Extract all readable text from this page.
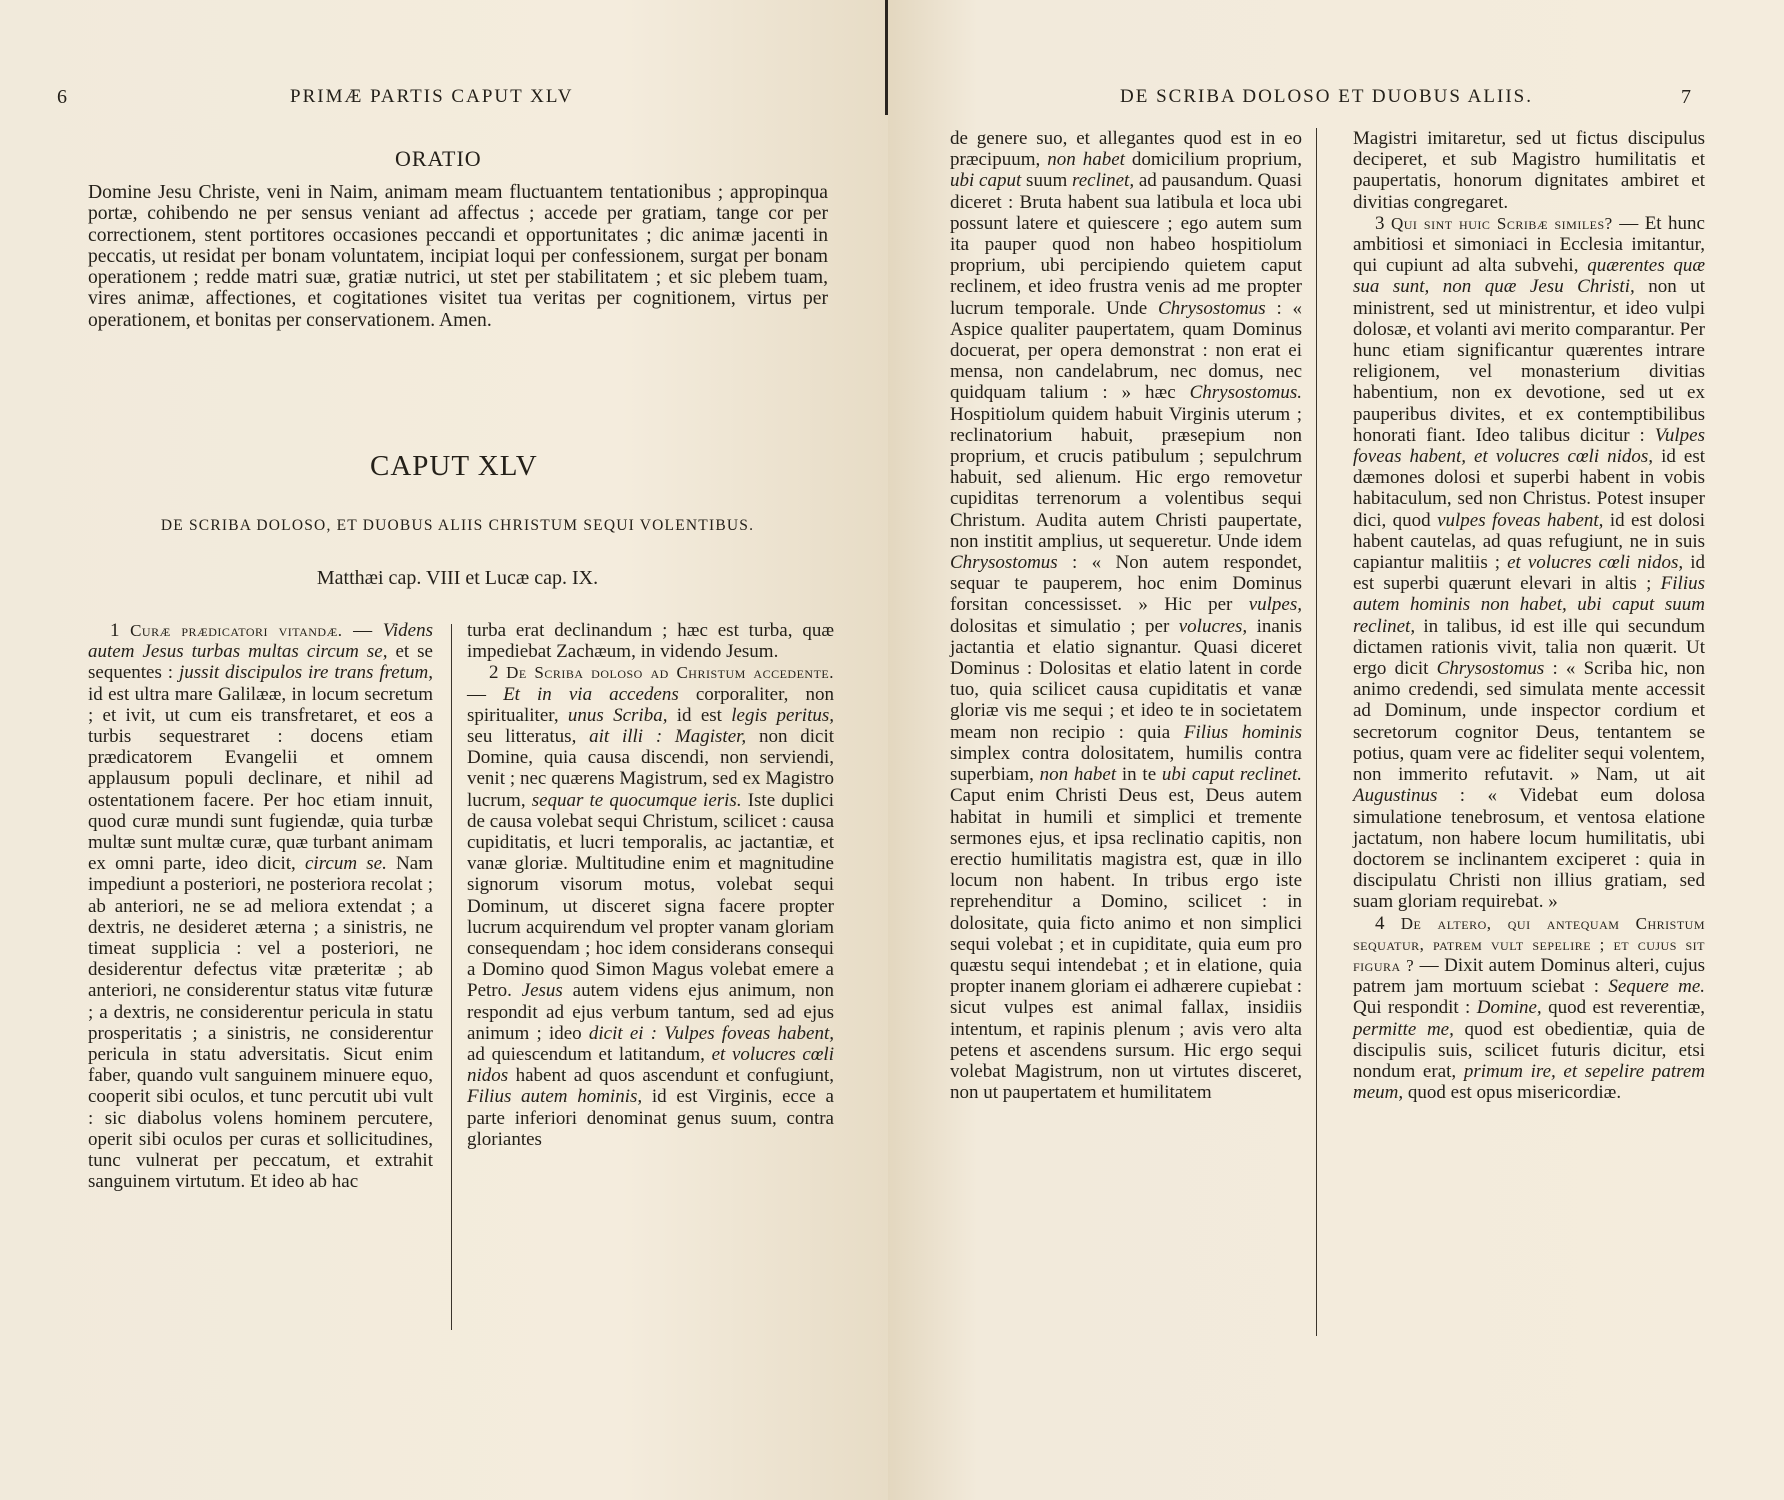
6	PRIMÆ PARTIS CAPUT XLV
ORATIO
Domine Jesu Christe, veni in Naim, animam meam fluctuantem tentationibus ; appropinqua portæ, cohibendo ne per sensus veniant ad affectus ; accede per gratiam, tange cor per correctionem, stent portitores occasiones peccandi et opportunitates ; dic animæ jacenti in peccatis, ut residat per bonam voluntatem, incipiat loqui per confessionem, surgat per bonam operationem ; redde matri suæ, gratiæ nutrici, ut stet per stabilitatem ; et sic plebem tuam, vires animæ, affectiones, et cogitationes visitet tua veritas per cognitionem, virtus per operationem, et bonitas per conservationem. Amen.
CAPUT XLV
DE SCRIBA DOLOSO, ET DUOBUS ALIIS CHRISTUM SEQUI VOLENTIBUS.
Matthæi cap. VIII et Lucæ cap. IX.

1 Curæ prædicatori vitandæ. — Videns autem Jesus turbas multas circum se, et se sequentes : jussit discipulos ire trans fretum, id est ultra mare Galilææ, in locum secretum ; et ivit, ut cum eis transfretaret, et eos a turbis sequestraret : docens etiam prædicatorem Evangelii et omnem applausum populi declinare, et nihil ad ostentationem facere. Per hoc etiam innuit, quod curæ mundi sunt fugiendæ, quia turbæ multæ sunt multæ curæ, quæ turbant animam ex omni parte, ideo dicit, circum se. Nam impediunt a posteriori, ne posteriora recolat ; ab anteriori, ne se ad meliora extendat ; a dextris, ne desideret æterna ; a sinistris, ne timeat supplicia : vel a posteriori, ne desiderentur defectus vitæ præteritæ ; ab anteriori, ne considerentur status vitæ futuræ ; a dextris, ne considerentur pericula in statu prosperitatis ; a sinistris, ne considerentur pericula in statu adversitatis. Sicut enim faber, quando vult sanguinem minuere equo, cooperit sibi oculos, et tunc percutit ubi vult : sic diabolus volens hominem percutere, operit sibi oculos per curas et sollicitudines, tunc vulnerat per peccatum, et extrahit sanguinem virtutum. Et ideo ab hac

turba erat declinandum ; hæc est turba, quæ impediebat Zachæum, in videndo Jesum.

2 De Scriba doloso ad Christum accedente. — Et in via accedens corporaliter, non spiritualiter, unus Scriba, id est legis peritus, seu litteratus, ait illi : Magister, non dicit Domine, quia causa discendi, non serviendi, venit ; nec quærens Magistrum, sed ex Magistro lucrum, sequar te quocumque ieris. Iste duplici de causa volebat sequi Christum, scilicet : causa cupiditatis, et lucri temporalis, ac jactantiæ, et vanæ gloriæ. Multitudine enim et magnitudine signorum visorum motus, volebat sequi Dominum, ut disceret signa facere propter lucrum acquirendum vel propter vanam gloriam consequendam ; hoc idem considerans consequi a Domino quod Simon Magus volebat emere a Petro. Jesus autem videns ejus animum, non respondit ad ejus verbum tantum, sed ad ejus animum ; ideo dicit ei : Vulpes foveas habent, ad quiescendum et latitandum, et volucres cœli nidos habent ad quos ascendunt et confugiunt, Filius autem hominis, id est Virginis, ecce a parte inferiori denominat genus suum, contra gloriantes

DE SCRIBA DOLOSO ET DUOBUS ALIIS.	7

de genere suo, et allegantes quod est in eo præcipuum, non habet domicilium proprium, ubi caput suum reclinet, ad pausandum. Quasi diceret : Bruta habent sua latibula et loca ubi possunt latere et quiescere ; ego autem sum ita pauper quod non habeo hospitiolum proprium, ubi percipiendo quietem caput reclinem, et ideo frustra venis ad me propter lucrum temporale. Unde Chrysostomus : « Aspice qualiter paupertatem, quam Dominus docuerat, per opera demonstrat : non erat ei mensa, non candelabrum, nec domus, nec quidquam talium : » hæc Chrysostomus. Hospitiolum quidem habuit Virginis uterum ; reclinatorium habuit, præsepium non proprium, et crucis patibulum ; sepulchrum habuit, sed alienum. Hic ergo removetur cupiditas terrenorum a volentibus sequi Christum. Audita autem Christi paupertate, non institit amplius, ut sequeretur. Unde idem Chrysostomus : « Non autem respondet, sequar te pauperem, hoc enim Dominus forsitan concessisset. » Hic per vulpes, dolositas et simulatio ; per volucres, inanis jactantia et elatio signantur. Quasi diceret Dominus : Dolositas et elatio latent in corde tuo, quia scilicet causa cupiditatis et vanæ gloriæ vis me sequi ; et ideo te in societatem meam non recipio : quia Filius hominis simplex contra dolositatem, humilis contra superbiam, non habet in te ubi caput reclinet. Caput enim Christi Deus est, Deus autem habitat in humili et simplici et tremente sermones ejus, et ipsa reclinatio capitis, non erectio humilitatis magistra est, quæ in illo locum non habent. In tribus ergo iste reprehenditur a Domino, scilicet : in dolositate, quia ficto animo et non simplici sequi volebat ; et in cupiditate, quia eum pro quæstu sequi intendebat ; et in elatione, quia propter inanem gloriam ei adhærere cupiebat : sicut vulpes est animal fallax, insidiis intentum, et rapinis plenum ; avis vero alta petens et ascendens sursum. Hic ergo sequi volebat Magistrum, non ut virtutes disceret, non ut paupertatem et humilitatem

Magistri imitaretur, sed ut fictus discipulus deciperet, et sub Magistro humilitatis et paupertatis, honorum dignitates ambiret et divitias congregaret.

3 Qui sint huic Scribæ similes? — Et hunc ambitiosi et simoniaci in Ecclesia imitantur, qui cupiunt ad alta subvehi, quærentes quæ sua sunt, non quæ Jesu Christi, non ut ministrent, sed ut ministrentur, et ideo vulpi dolosæ, et volanti avi merito comparantur. Per hunc etiam significantur quærentes intrare religionem, vel monasterium divitias habentium, non ex devotione, sed ut ex pauperibus divites, et ex contemptibilibus honorati fiant. Ideo talibus dicitur : Vulpes foveas habent, et volucres cœli nidos, id est dæmones dolosi et superbi habent in vobis habitaculum, sed non Christus. Potest insuper dici, quod vulpes foveas habent, id est dolosi habent cautelas, ad quas refugiunt, ne in suis capiantur malitiis ; et volucres cœli nidos, id est superbi quærunt elevari in altis ; Filius autem hominis non habet, ubi caput suum reclinet, in talibus, id est ille qui secundum dictamen rationis vivit, talia non quærit. Ut ergo dicit Chrysostomus : « Scriba hic, non animo credendi, sed simulata mente accessit ad Dominum, unde inspector cordium et secretorum cognitor Deus, tentantem se potius, quam vere ac fideliter sequi volentem, non immerito refutavit. » Nam, ut ait Augustinus : « Videbat eum dolosa simulatione tenebrosum, et ventosa elatione jactatum, non habere locum humilitatis, ubi doctorem se inclinantem exciperet : quia in discipulatu Christi non illius gratiam, sed suam gloriam requirebat. »

4 De altero, qui antequam Christum sequatur, patrem vult sepelire ; et cujus sit figura ? — Dixit autem Dominus alteri, cujus patrem jam mortuum sciebat : Sequere me. Qui respondit : Domine, quod est reverentiæ, permitte me, quod est obedientiæ, quia de discipulis suis, scilicet futuris dicitur, etsi nondum erat, primum ire, et sepelire patrem meum, quod est opus misericordiæ.
